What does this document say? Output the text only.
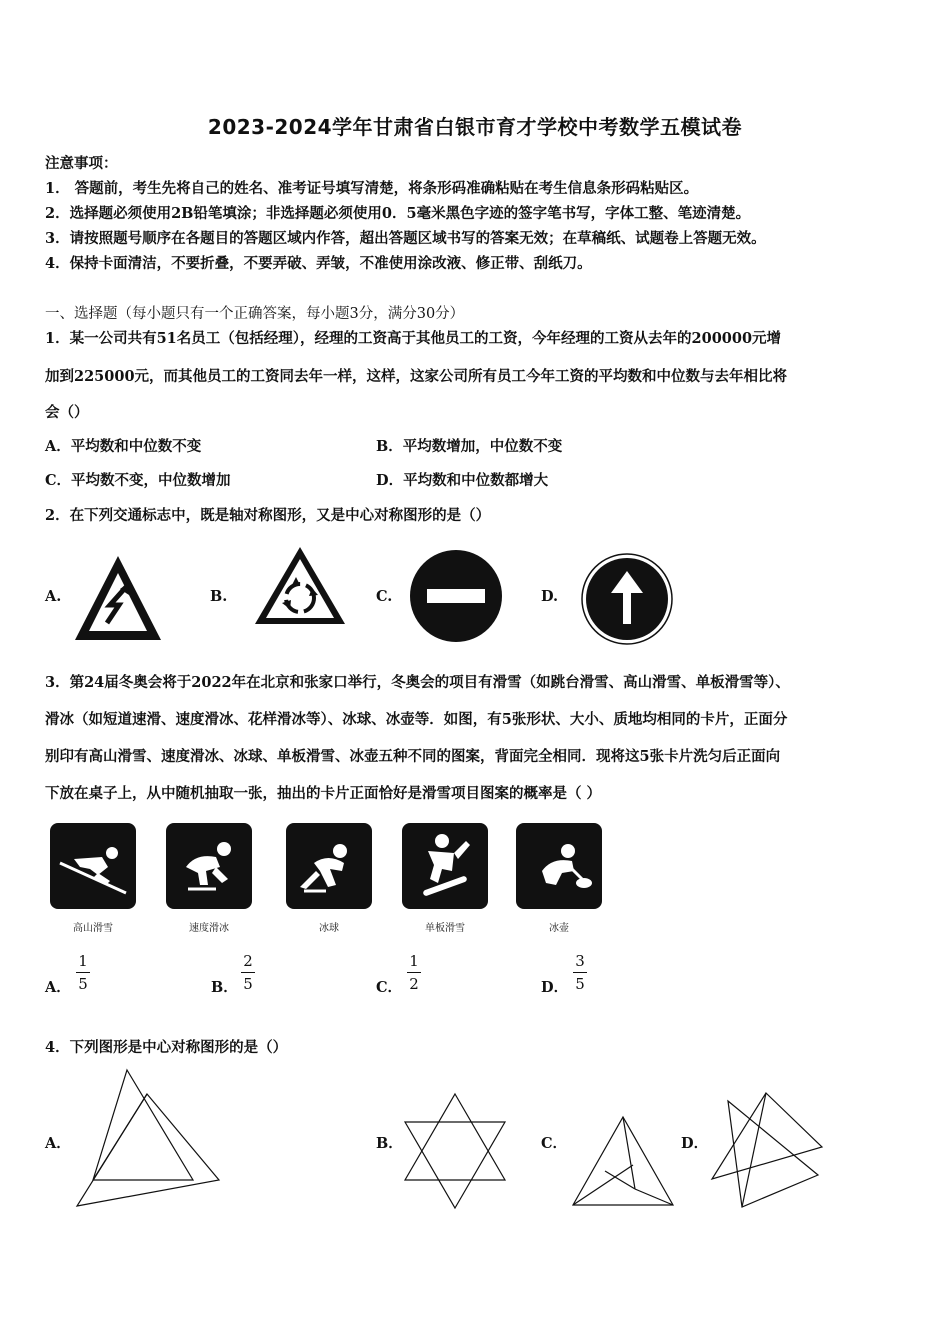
2023-2024学年甘肃省白银市育才学校中考数学五模试卷
注意事项：
1． 答题前，考生先将自己的姓名、准考证号填写清楚，将条形码准确粘贴在考生信息条形码粘贴区。
2．选择题必须使用2B铅笔填涂；非选择题必须使用0．5毫米黑色字迹的签字笔书写，字体工整、笔迹清楚。
3．请按照题号顺序在各题目的答题区域内作答，超出答题区域书写的答案无效；在草稿纸、试题卷上答题无效。
4．保持卡面清洁，不要折叠，不要弄破、弄皱，不准使用涂改液、修正带、刮纸刀。
一、选择题（每小题只有一个正确答案，每小题3分，满分30分）
1．某一公司共有51名员工（包括经理），经理的工资高于其他员工的工资，今年经理的工资从去年的200000元增
加到225000元，而其他员工的工资同去年一样，这样，这家公司所有员工今年工资的平均数和中位数与去年相比将
会（）
A．平均数和中位数不变	B．平均数增加，中位数不变
C．平均数不变，中位数增加	D．平均数和中位数都增大
2．在下列交通标志中，既是轴对称图形，又是中心对称图形的是（）
A.	B.	C.	D.
3．第24届冬奥会将于2022年在北京和张家口举行，冬奥会的项目有滑雪（如跳台滑雪、高山滑雪、单板滑雪等）、
滑冰（如短道速滑、速度滑冰、花样滑冰等）、冰球、冰壶等．如图，有5张形状、大小、质地均相同的卡片，正面分
别印有高山滑雪、速度滑冰、冰球、单板滑雪、冰壶五种不同的图案，背面完全相同．现将这5张卡片洗匀后正面向
下放在桌子上，从中随机抽取一张，抽出的卡片正面恰好是滑雪项目图案的概率是（ ）
高山滑雪	速度滑冰	冰球	单板滑雪	冰壶
A．
1
5	B．
2
5	C．
1
2	D．
3
5
4．下列图形是中心对称图形的是（）
A．	B．	C．	D．
